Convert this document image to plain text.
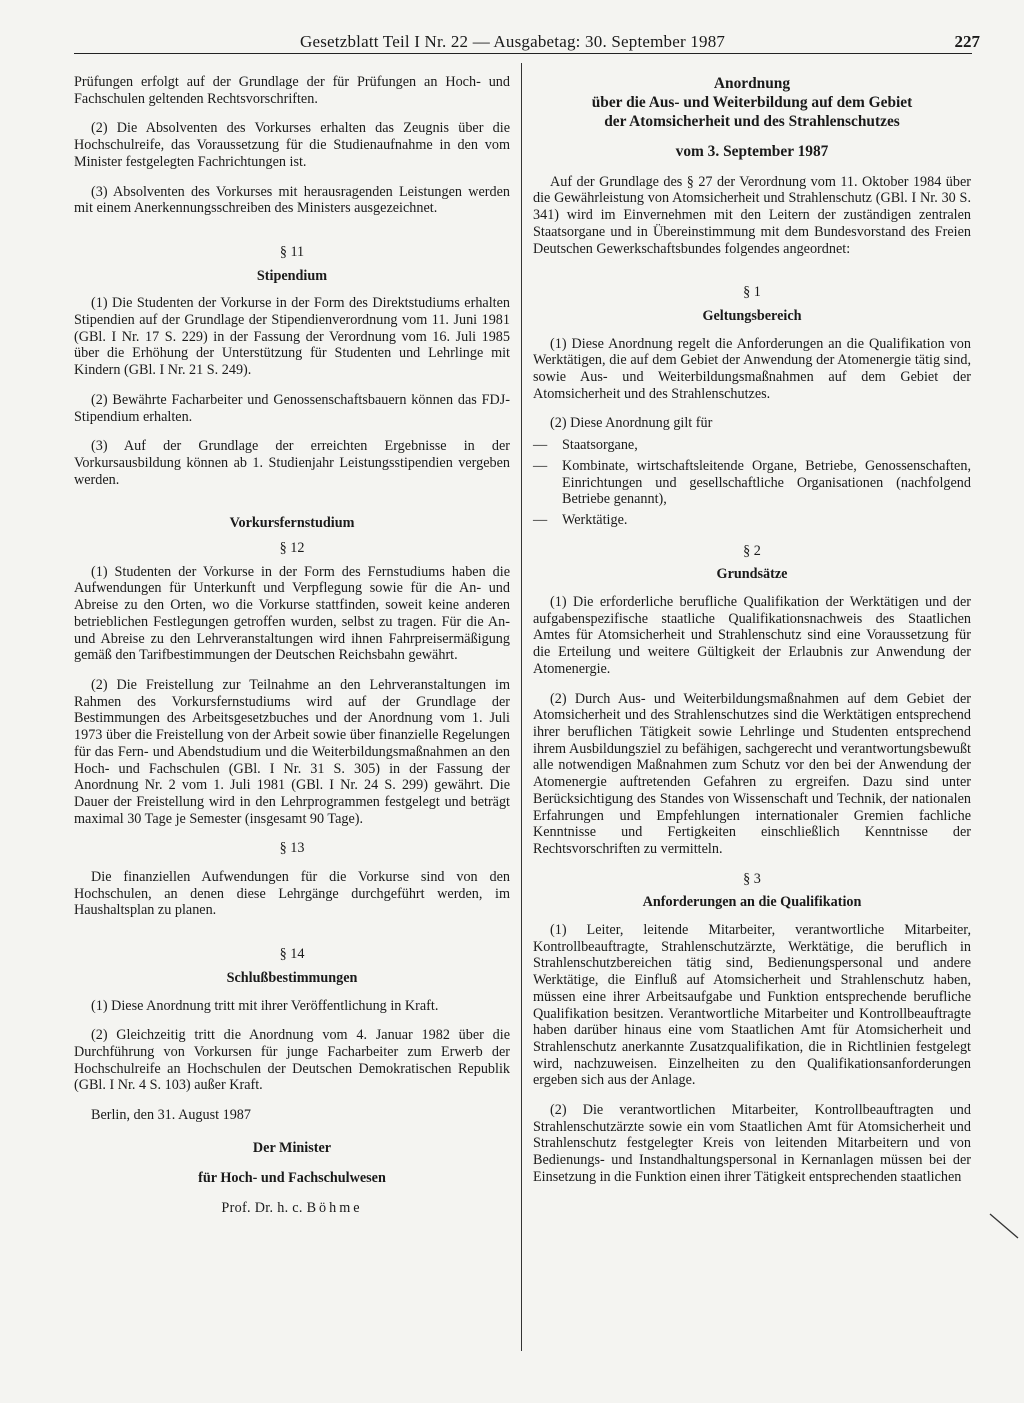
Gesetzblatt Teil I Nr. 22 — Ausgabetag: 30. September 1987	227

Prüfungen erfolgt auf der Grundlage der für Prüfungen an Hoch- und Fachschulen geltenden Rechtsvorschriften.

(2) Die Absolventen des Vorkurses erhalten das Zeugnis über die Hochschulreife, das Voraussetzung für die Studienaufnahme in den vom Minister festgelegten Fachrichtungen ist.

(3) Absolventen des Vorkurses mit herausragenden Leistungen werden mit einem Anerkennungsschreiben des Ministers ausgezeichnet.

§ 11

Stipendium

(1) Die Studenten der Vorkurse in der Form des Direktstudiums erhalten Stipendien auf der Grundlage der Stipendienverordnung vom 11. Juni 1981 (GBl. I Nr. 17 S. 229) in der Fassung der Verordnung vom 16. Juli 1985 über die Erhöhung der Unterstützung für Studenten und Lehrlinge mit Kindern (GBl. I Nr. 21 S. 249).

(2) Bewährte Facharbeiter und Genossenschaftsbauern können das FDJ-Stipendium erhalten.

(3) Auf der Grundlage der erreichten Ergebnisse in der Vorkursausbildung können ab 1. Studienjahr Leistungsstipendien vergeben werden.

Vorkursfernstudium

§ 12

(1) Studenten der Vorkurse in der Form des Fernstudiums haben die Aufwendungen für Unterkunft und Verpflegung sowie für die An- und Abreise zu den Orten, wo die Vorkurse stattfinden, soweit keine anderen betrieblichen Festlegungen getroffen wurden, selbst zu tragen. Für die An- und Abreise zu den Lehrveranstaltungen wird ihnen Fahrpreisermäßigung gemäß den Tarifbestimmungen der Deutschen Reichsbahn gewährt.

(2) Die Freistellung zur Teilnahme an den Lehrveranstaltungen im Rahmen des Vorkursfernstudiums wird auf der Grundlage der Bestimmungen des Arbeitsgesetzbuches und der Anordnung vom 1. Juli 1973 über die Freistellung von der Arbeit sowie über finanzielle Regelungen für das Fern- und Abendstudium und die Weiterbildungsmaßnahmen an den Hoch- und Fachschulen (GBl. I Nr. 31 S. 305) in der Fassung der Anordnung Nr. 2 vom 1. Juli 1981 (GBl. I Nr. 24 S. 299) gewährt. Die Dauer der Freistellung wird in den Lehrprogrammen festgelegt und beträgt maximal 30 Tage je Semester (insgesamt 90 Tage).

§ 13

Die finanziellen Aufwendungen für die Vorkurse sind von den Hochschulen, an denen diese Lehrgänge durchgeführt werden, im Haushaltsplan zu planen.

§ 14

Schlußbestimmungen

(1) Diese Anordnung tritt mit ihrer Veröffentlichung in Kraft.

(2) Gleichzeitig tritt die Anordnung vom 4. Januar 1982 über die Durchführung von Vorkursen für junge Facharbeiter zum Erwerb der Hochschulreife an Hochschulen der Deutschen Demokratischen Republik (GBl. I Nr. 4 S. 103) außer Kraft.

Berlin, den 31. August 1987

Der Minister

für Hoch- und Fachschulwesen

Prof. Dr. h. c. Böhme

Anordnung

über die Aus- und Weiterbildung auf dem Gebiet

der Atomsicherheit und des Strahlenschutzes

vom 3. September 1987

Auf der Grundlage des § 27 der Verordnung vom 11. Oktober 1984 über die Gewährleistung von Atomsicherheit und Strahlenschutz (GBl. I Nr. 30 S. 341) wird im Einvernehmen mit den Leitern der zuständigen zentralen Staatsorgane und in Übereinstimmung mit dem Bundesvorstand des Freien Deutschen Gewerkschaftsbundes folgendes angeordnet:

§ 1

Geltungsbereich

(1) Diese Anordnung regelt die Anforderungen an die Qualifikation von Werktätigen, die auf dem Gebiet der Anwendung der Atomenergie tätig sind, sowie Aus- und Weiterbildungsmaßnahmen auf dem Gebiet der Atomsicherheit und des Strahlenschutzes.

(2) Diese Anordnung gilt für

— Staatsorgane,

— Kombinate, wirtschaftsleitende Organe, Betriebe, Genossenschaften, Einrichtungen und gesellschaftliche Organisationen (nachfolgend Betriebe genannt),

— Werktätige.

§ 2

Grundsätze

(1) Die erforderliche berufliche Qualifikation der Werktätigen und der aufgabenspezifische staatliche Qualifikationsnachweis des Staatlichen Amtes für Atomsicherheit und Strahlenschutz sind eine Voraussetzung für die Erteilung und weitere Gültigkeit der Erlaubnis zur Anwendung der Atomenergie.

(2) Durch Aus- und Weiterbildungsmaßnahmen auf dem Gebiet der Atomsicherheit und des Strahlenschutzes sind die Werktätigen entsprechend ihrer beruflichen Tätigkeit sowie Lehrlinge und Studenten entsprechend ihrem Ausbildungsziel zu befähigen, sachgerecht und verantwortungsbewußt alle notwendigen Maßnahmen zum Schutz vor den bei der Anwendung der Atomenergie auftretenden Gefahren zu ergreifen. Dazu sind unter Berücksichtigung des Standes von Wissenschaft und Technik, der nationalen Erfahrungen und Empfehlungen internationaler Gremien fachliche Kenntnisse und Fertigkeiten einschließlich Kenntnisse der Rechtsvorschriften zu vermitteln.

§ 3

Anforderungen an die Qualifikation

(1) Leiter, leitende Mitarbeiter, verantwortliche Mitarbeiter, Kontrollbeauftragte, Strahlenschutzärzte, Werktätige, die beruflich in Strahlenschutzbereichen tätig sind, Bedienungspersonal und andere Werktätige, die Einfluß auf Atomsicherheit und Strahlenschutz haben, müssen eine ihrer Arbeitsaufgabe und Funktion entsprechende berufliche Qualifikation besitzen. Verantwortliche Mitarbeiter und Kontrollbeauftragte haben darüber hinaus eine vom Staatlichen Amt für Atomsicherheit und Strahlenschutz anerkannte Zusatzqualifikation, die in Richtlinien festgelegt wird, nachzuweisen. Einzelheiten zu den Qualifikationsanforderungen ergeben sich aus der Anlage.

(2) Die verantwortlichen Mitarbeiter, Kontrollbeauftragten und Strahlenschutzärzte sowie ein vom Staatlichen Amt für Atomsicherheit und Strahlenschutz festgelegter Kreis von leitenden Mitarbeitern und von Bedienungs- und Instandhaltungspersonal in Kernanlagen müssen bei der Einsetzung in die Funktion einen ihrer Tätigkeit entsprechenden staatlichen
